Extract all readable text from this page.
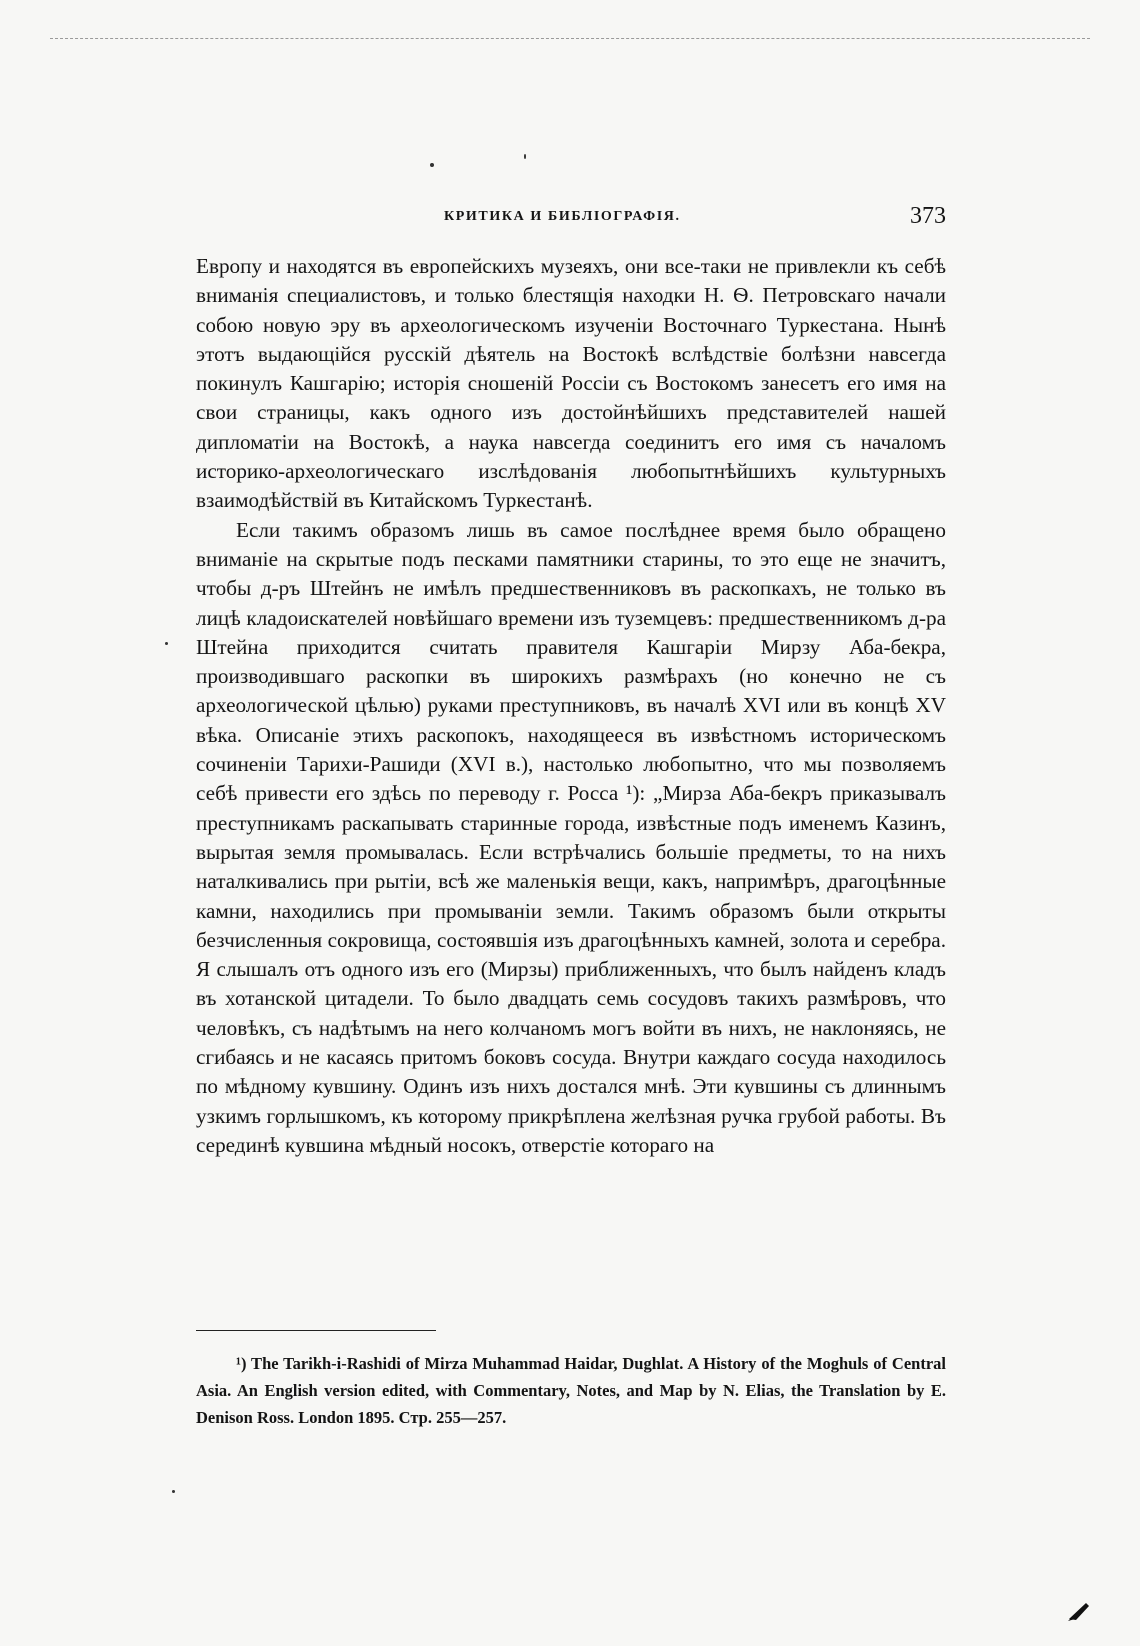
КРИТИКА И БИБЛІОГРАФІЯ.	373

Европу и находятся въ европейскихъ музеяхъ, они все-таки не привлекли къ себѣ вниманія специалистовъ, и только блестящія находки Н. Ѳ. Петровскаго начали собою новую эру въ археологическомъ изученіи Восточнаго Туркестана. Нынѣ этотъ выдающійся русскій дѣятель на Востокѣ вслѣдствіе болѣзни навсегда покинулъ Кашгарію; исторія сношеній Россіи съ Востокомъ занесетъ его имя на свои страницы, какъ одного изъ достойнѣйшихъ представителей нашей дипломатіи на Востокѣ, а наука навсегда соединитъ его имя съ началомъ историко-археологическаго изслѣдованія любопытнѣйшихъ культурныхъ взаимодѣйствій въ Китайскомъ Туркестанѣ.

Если такимъ образомъ лишь въ самое послѣднее время было обращено вниманіе на скрытые подъ песками памятники старины, то это еще не значитъ, чтобы д-ръ Штейнъ не имѣлъ предшественниковъ въ раскопкахъ, не только въ лицѣ кладоискателей новѣйшаго времени изъ туземцевъ: предшественникомъ д-ра Штейна приходится считать правителя Кашгаріи Мирзу Аба-бекра, производившаго раскопки въ широкихъ размѣрахъ (но конечно не съ археологической цѣлью) руками преступниковъ, въ началѣ XVI или въ концѣ XV вѣка. Описаніе этихъ раскопокъ, находящееся въ извѣстномъ историческомъ сочиненіи Тарихи-Рашиди (XVI в.), настолько любопытно, что мы позволяемъ себѣ привести его здѣсь по переводу г. Росса ¹): „Мирза Аба-бекръ приказывалъ преступникамъ раскапывать старинные города, извѣстные подъ именемъ Казинъ, вырытая земля промывалась. Если встрѣчались большіе предметы, то на нихъ наталкивались при рытіи, всѣ же маленькія вещи, какъ, напримѣръ, драгоцѣнные камни, находились при промываніи земли. Такимъ образомъ были открыты безчисленныя сокровища, состоявшія изъ драгоцѣнныхъ камней, золота и серебра. Я слышалъ отъ одного изъ его (Мирзы) приближенныхъ, что былъ найденъ кладъ въ хотанской цитадели. То было двадцать семь сосудовъ такихъ размѣровъ, что человѣкъ, съ надѣтымъ на него колчаномъ могъ войти въ нихъ, не наклоняясь, не сгибаясь и не касаясь притомъ боковъ сосуда. Внутри каждаго сосуда находилось по мѣдному кувшину. Одинъ изъ нихъ достался мнѣ. Эти кувшины съ длиннымъ узкимъ горлышкомъ, къ которому прикрѣплена желѣзная ручка грубой работы. Въ серединѣ кувшина мѣдный носокъ, отверстіе котораго на

¹) The Tarikh-i-Rashidi of Mirza Muhammad Haidar, Dughlat. A History of the Moghuls of Central Asia. An English version edited, with Commentary, Notes, and Map by N. Elias, the Translation by E. Denison Ross. London 1895. Стр. 255—257.
